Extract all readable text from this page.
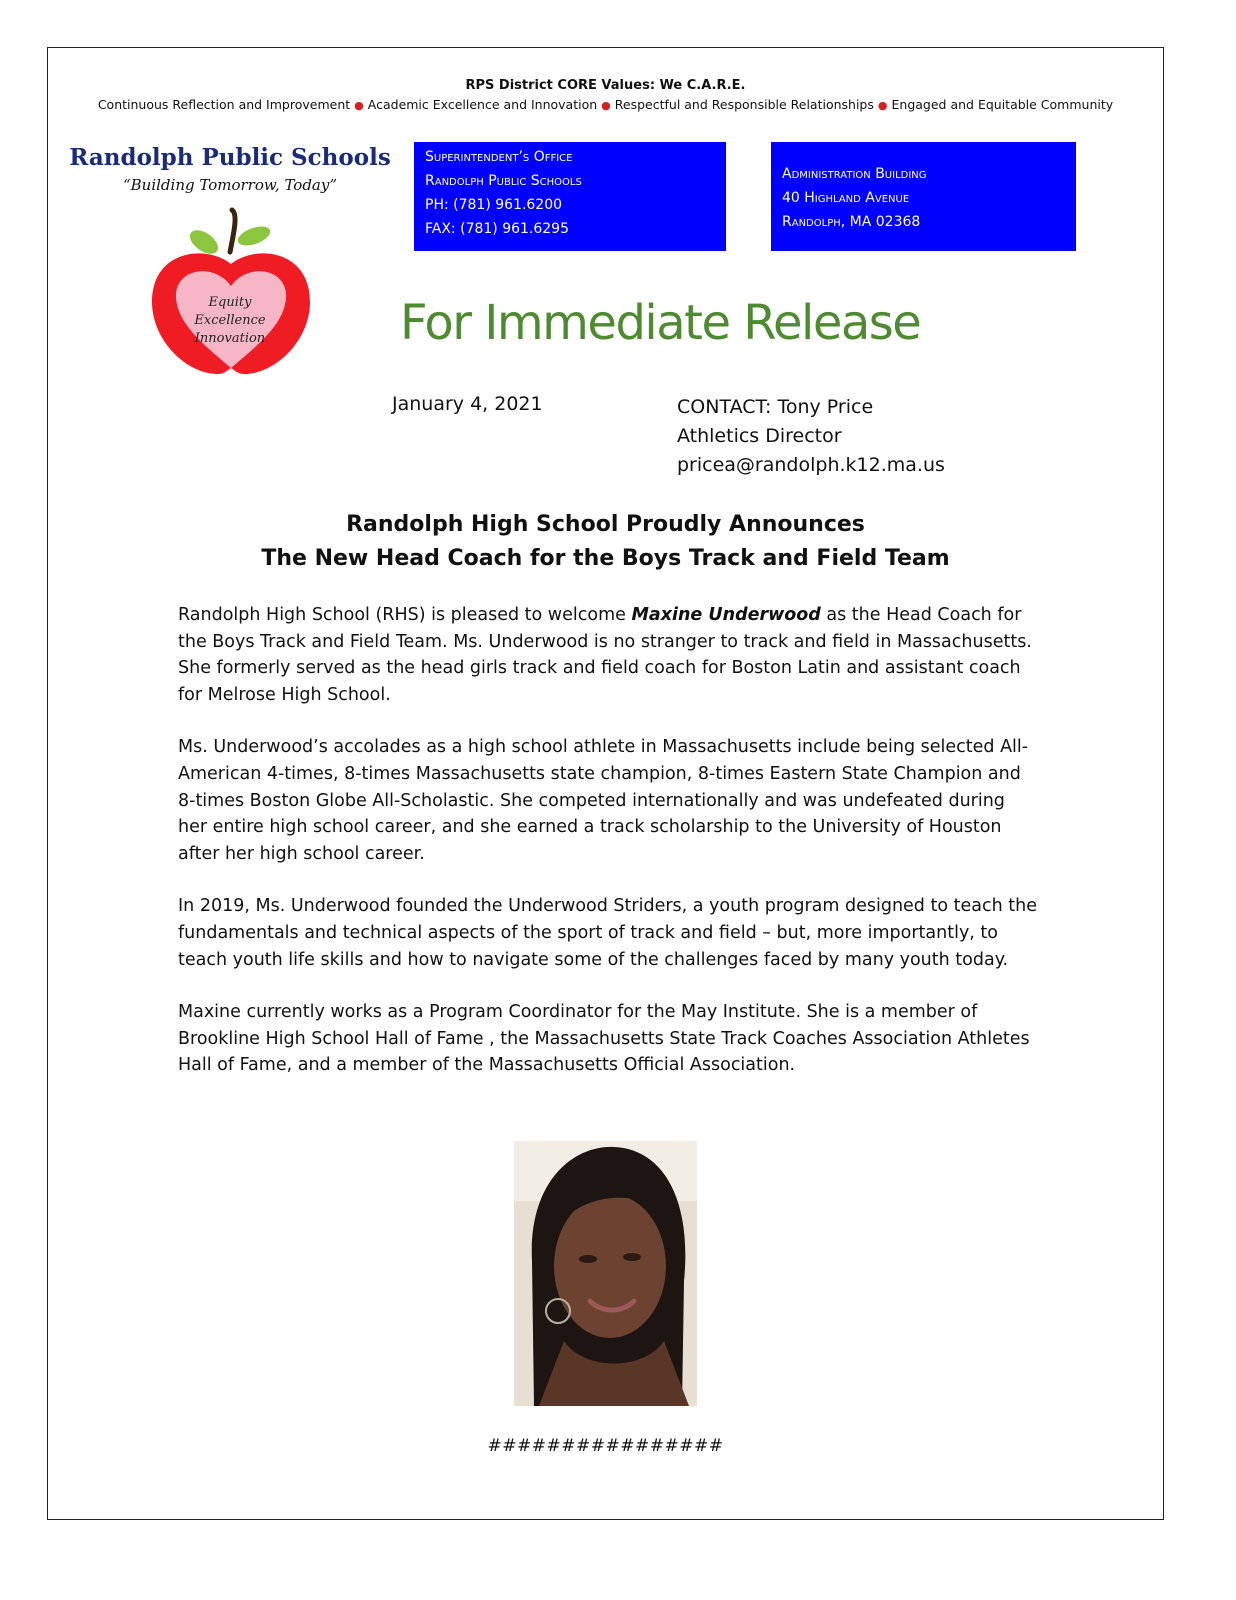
RPS District CORE Values: We C.A.R.E.
Continuous Reflection and Improvement ● Academic Excellence and Innovation ● Respectful and Responsible Relationships ● Engaged and Equitable Community
Randolph Public Schools
“Building Tomorrow, Today”
Equity
Excellence
Innovation
Superintendent’s Office
Randolph Public Schools
PH: (781) 961.6200
FAX: (781) 961.6295
Administration Building
40 Highland Avenue
Randolph, MA 02368
For Immediate Release
January 4, 2021	CONTACT: Tony Price
Athletics Director
pricea@randolph.k12.ma.us
Randolph High School Proudly Announces
The New Head Coach for the Boys Track and Field Team

Randolph High School (RHS) is pleased to welcome Maxine Underwood as the Head Coach for the Boys Track and Field Team. Ms. Underwood is no stranger to track and field in Massachusetts. She formerly served as the head girls track and field coach for Boston Latin and assistant coach for Melrose High School.

Ms. Underwood’s accolades as a high school athlete in Massachusetts include being selected All-American 4-times, 8-times Massachusetts state champion, 8-times Eastern State Champion and 8-times Boston Globe All-Scholastic. She competed internationally and was undefeated during her entire high school career, and she earned a track scholarship to the University of Houston after her high school career.

In 2019, Ms. Underwood founded the Underwood Striders, a youth program designed to teach the fundamentals and technical aspects of the sport of track and field – but, more importantly, to teach youth life skills and how to navigate some of the challenges faced by many youth today.

Maxine currently works as a Program Coordinator for the May Institute. She is a member of Brookline High School Hall of Fame , the Massachusetts State Track Coaches Association Athletes Hall of Fame, and a member of the Massachusetts Official Association.

################
